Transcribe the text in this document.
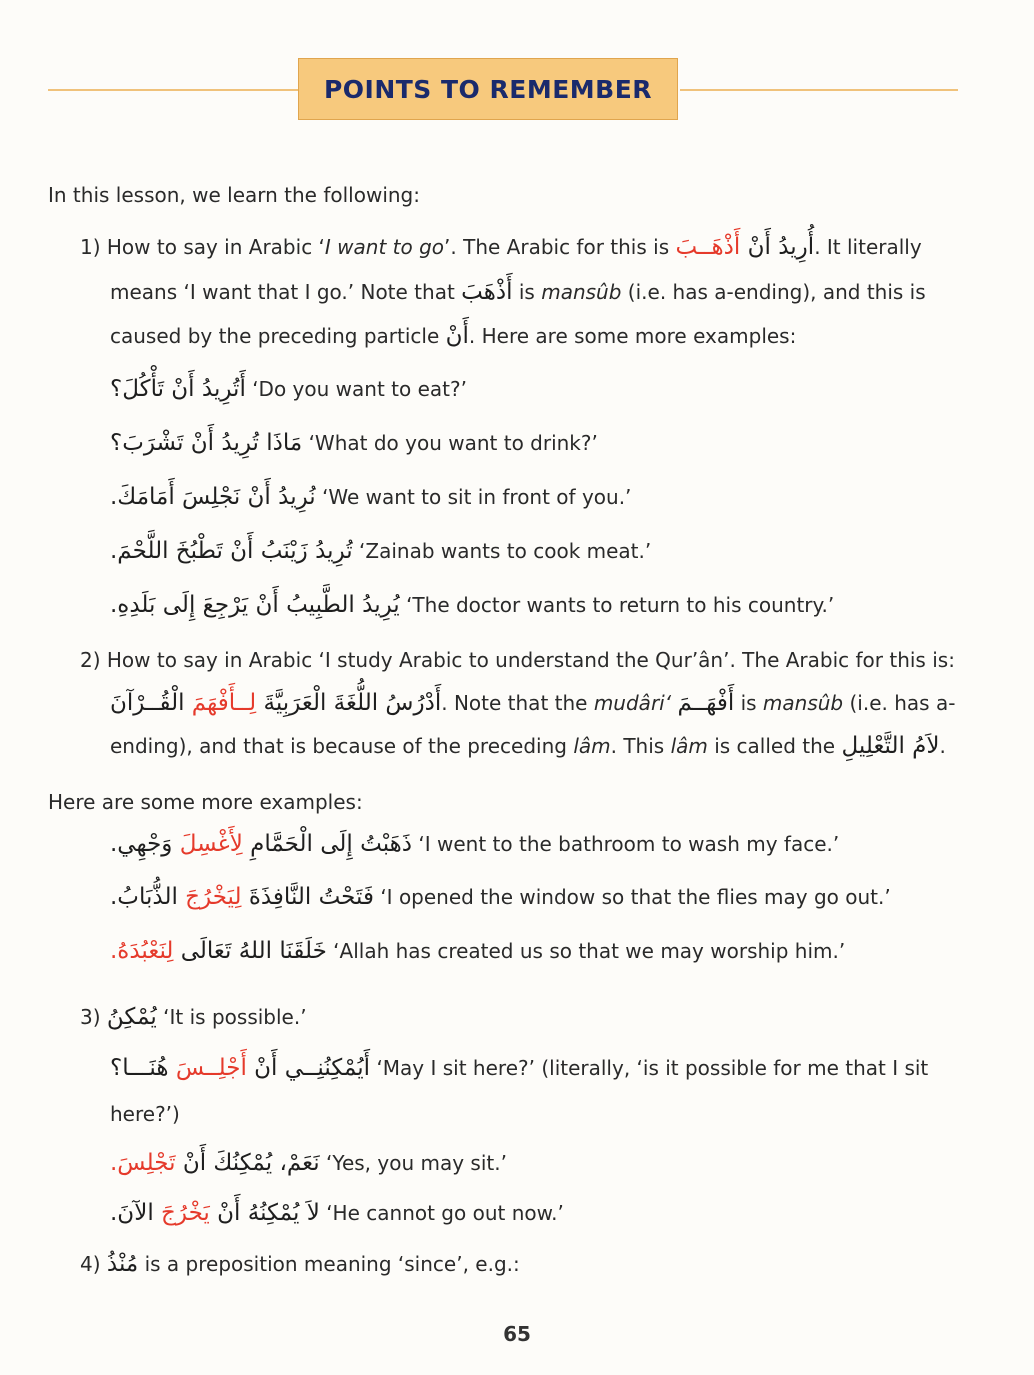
POINTS TO REMEMBER
In this lesson, we learn the following:
1) How to say in Arabic ‘I want to go’. The Arabic for this is	أُرِيدُ أَنْ أَذْهَــبَ	. It literally
means ‘I want that I go.’ Note that أَذْهَبَ is mansûb (i.e. has a-ending), and this is
caused by the preceding particle أَنْ. Here are some more examples:
أَتُرِيدُ أَنْ تَأْكُلَ؟ ‘Do you want to eat?’
مَاذَا تُرِيدُ أَنْ تَشْرَبَ؟ ‘What do you want to drink?’
نُرِيدُ أَنْ نَجْلِسَ أَمَامَكَ. ‘We want to sit in front of you.’
تُرِيدُ زَيْنَبُ أَنْ تَطْبُخَ اللَّحْمَ. ‘Zainab wants to cook meat.’
يُرِيدُ الطَّبِيبُ أَنْ يَرْجِعَ إِلَى بَلَدِهِ. ‘The doctor wants to return to his country.’
2) How to say in Arabic ‘I study Arabic to understand the Qur’ân’. The Arabic for this is:
أَدْرُسُ اللُّغَةَ الْعَرَبِيَّةَ لِــأَفْهَمَ الْقُــرْآنَ	. Note that the mudâri‘ أَفْهَــمَ is mansûb (i.e. has a-
ending), and that is because of the preceding lâm. This lâm is called the لاَمُ التَّعْلِيلِ.
Here are some more examples:
ذَهَبْتُ إِلَى الْحَمَّامِ لِأَغْسِلَ وَجْهِي.	‘I went to the bathroom to wash my face.’
فَتَحْتُ النَّافِذَةَ لِيَخْرُجَ الذُّبَابُ.	‘I opened the window so that the flies may go out.’
خَلَقَنَا اللهُ تَعَالَى لِنَعْبُدَهُ.	‘Allah has created us so that we may worship him.’
3) يُمْكِنُ ‘It is possible.’
أَيُمْكِنُنِــي أَنْ أَجْلِــسَ هُنَـــا؟	‘May I sit here?’ (literally, ‘is it possible for me that I sit
here?’)
نَعَمْ، يُمْكِنُكَ أَنْ تَجْلِسَ.	‘Yes, you may sit.’
لاَ يُمْكِنُهُ أَنْ يَخْرُجَ الآنَ.	‘He cannot go out now.’
4) مُنْذُ is a preposition meaning ‘since’, e.g.:
65
